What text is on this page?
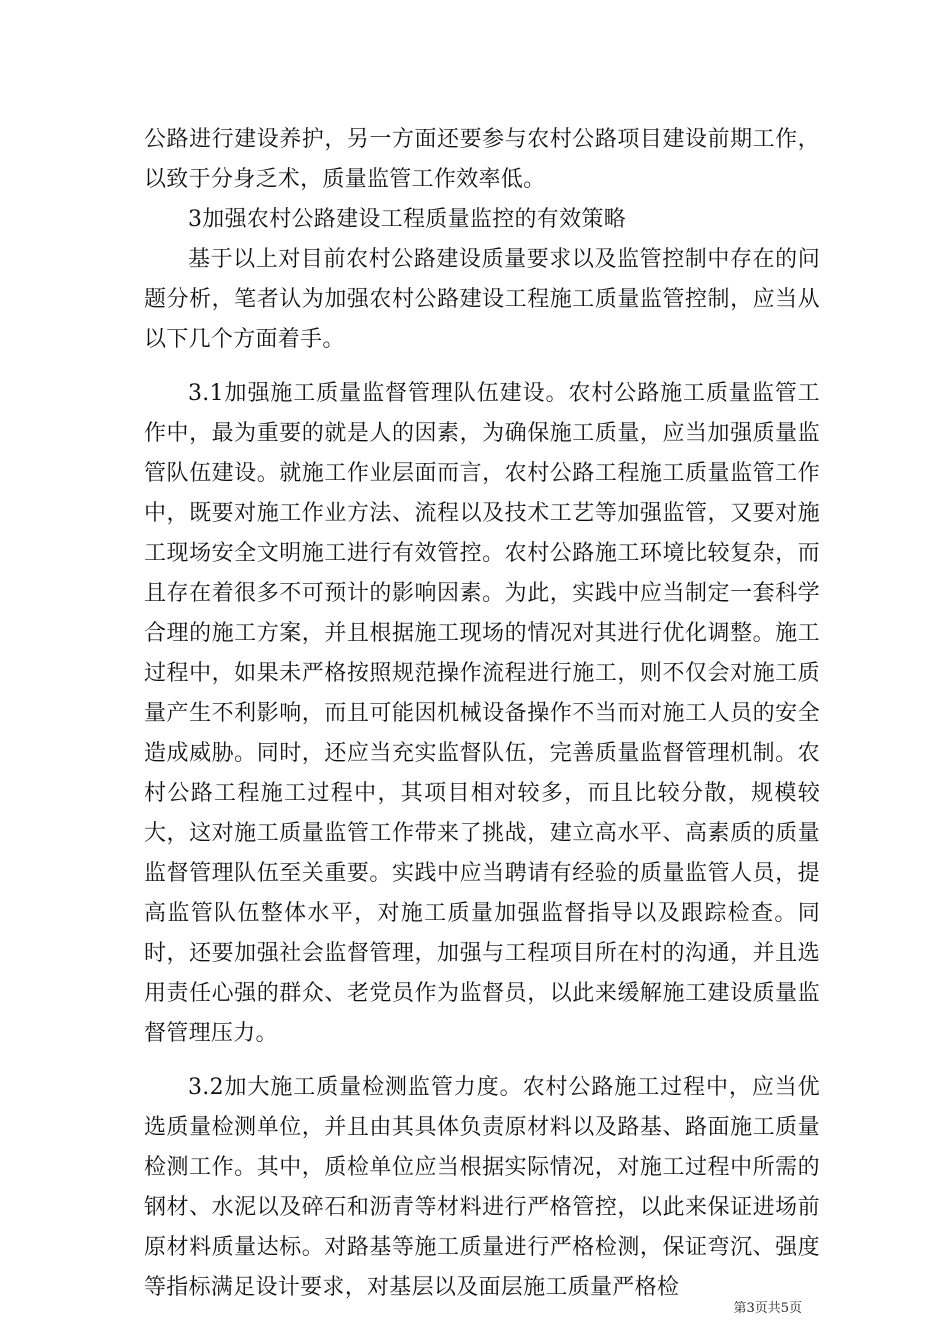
公路进行建设养护，另一方面还要参与农村公路项目建设前期工作，以致于分身乏术，质量监管工作效率低。

3加强农村公路建设工程质量监控的有效策略

基于以上对目前农村公路建设质量要求以及监管控制中存在的问题分析，笔者认为加强农村公路建设工程施工质量监管控制，应当从以下几个方面着手。

3.1加强施工质量监督管理队伍建设。农村公路施工质量监管工作中，最为重要的就是人的因素，为确保施工质量，应当加强质量监管队伍建设。就施工作业层面而言，农村公路工程施工质量监管工作中，既要对施工作业方法、流程以及技术工艺等加强监管，又要对施工现场安全文明施工进行有效管控。农村公路施工环境比较复杂，而且存在着很多不可预计的影响因素。为此，实践中应当制定一套科学合理的施工方案，并且根据施工现场的情况对其进行优化调整。施工过程中，如果未严格按照规范操作流程进行施工，则不仅会对施工质量产生不利影响，而且可能因机械设备操作不当而对施工人员的安全造成威胁。同时，还应当充实监督队伍，完善质量监督管理机制。农村公路工程施工过程中，其项目相对较多，而且比较分散，规模较大，这对施工质量监管工作带来了挑战，建立高水平、高素质的质量监督管理队伍至关重要。实践中应当聘请有经验的质量监管人员，提高监管队伍整体水平，对施工质量加强监督指导以及跟踪检查。同时，还要加强社会监督管理，加强与工程项目所在村的沟通，并且选用责任心强的群众、老党员作为监督员，以此来缓解施工建设质量监督管理压力。

3.2加大施工质量检测监管力度。农村公路施工过程中，应当优选质量检测单位，并且由其具体负责原材料以及路基、路面施工质量检测工作。其中，质检单位应当根据实际情况，对施工过程中所需的钢材、水泥以及碎石和沥青等材料进行严格管控，以此来保证进场前原材料质量达标。对路基等施工质量进行严格检测，保证弯沉、强度等指标满足设计要求，对基层以及面层施工质量严格检

第3页共5页
